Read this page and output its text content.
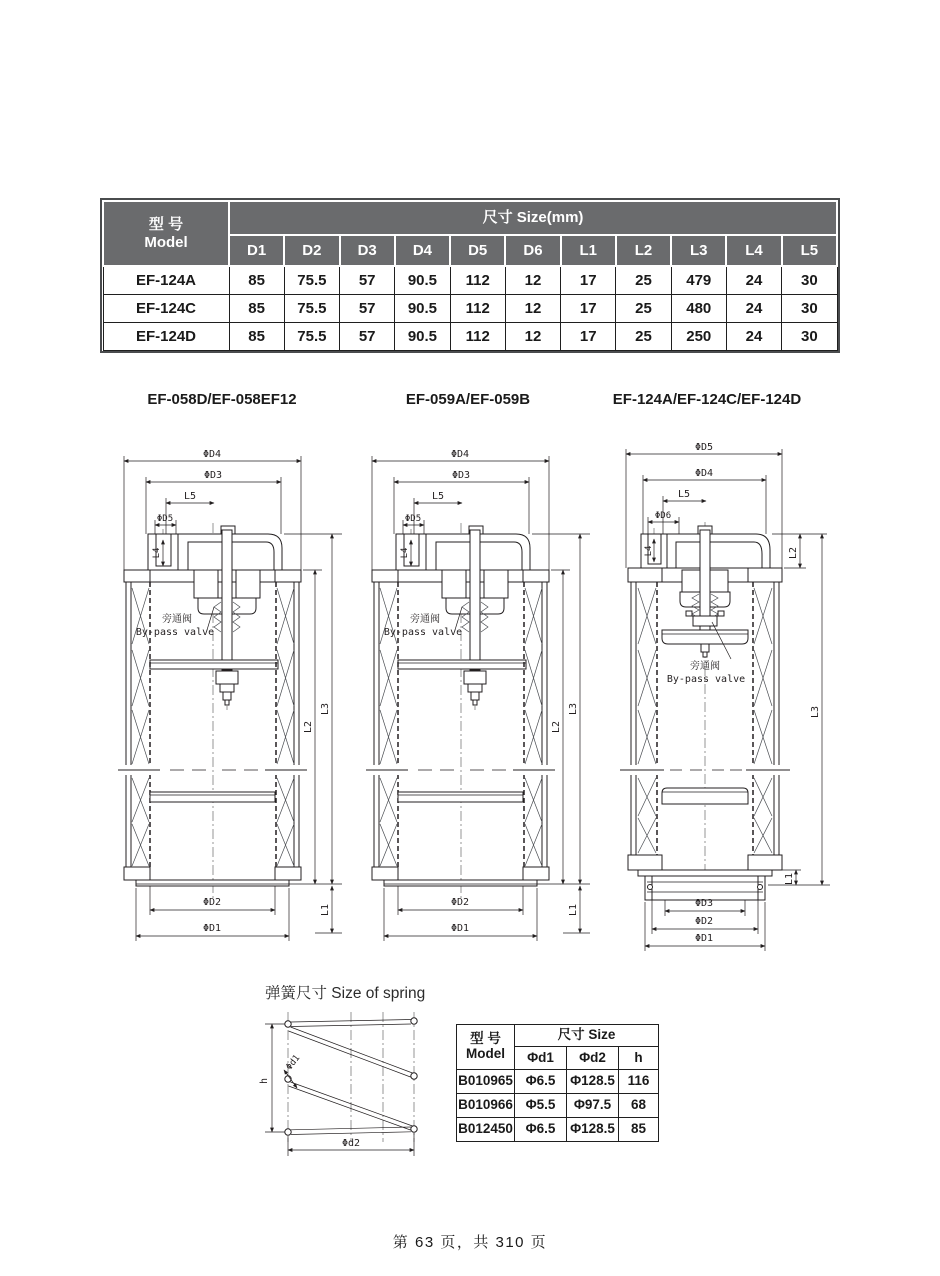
型 号
Model	尺寸 Size(mm)										
	D1	D2	D3	D4	D5	D6	L1	L2	L3	L4	L5
EF-124A	85	75.5	57	90.5	112	12	17	25	479	24	30
EF-124C	85	75.5	57	90.5	112	12	17	25	480	24	30
EF-124D	85	75.5	57	90.5	112	12	17	25	250	24	30
EF-058D/EF-058EF12	EF-059A/EF-059B	EF-124A/EF-124C/EF-124D
ΦD4
ΦD3
L5
ΦD5
L4
L2
L3
L1
ΦD2
ΦD1
旁通阀
By-pass valve
ΦD4
ΦD3
L5
ΦD5
L4
L2
L3
L1
ΦD2
ΦD1
旁通阀
By-pass valve
ΦD5
ΦD4
L5
ΦD6
L4	L2
L3
L1
ΦD3
ΦD2
ΦD1
旁通阀
By-pass valve
弹簧尺寸 Size of spring
h
Φd1
Φd2
型 号
Model	尺寸 Size		
	Φd1	Φd2	h
B010965	Φ6.5	Φ128.5	116
B010966	Φ5.5	Φ97.5	68
B012450	Φ6.5	Φ128.5	85
第 63 页，共 310 页
